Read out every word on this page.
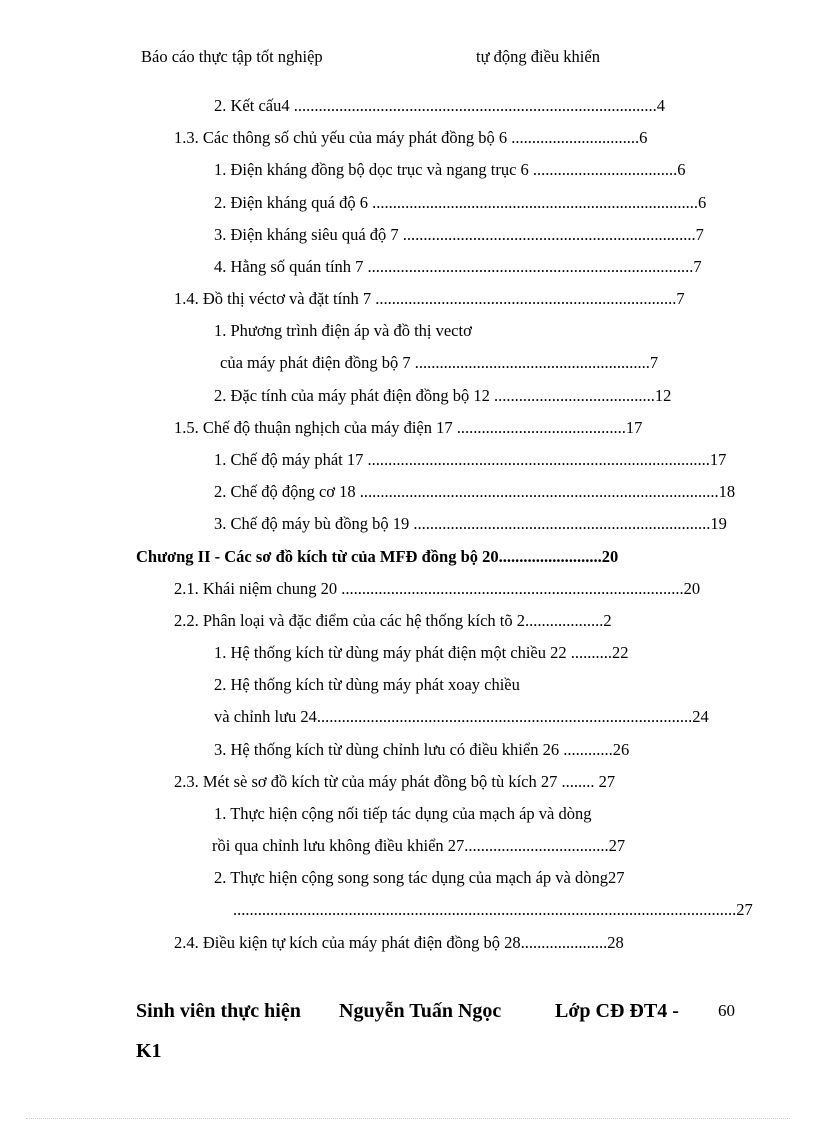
Báo cáo thực tập tốt nghiệp	tự động điều khiển
2. Kết cấu4 ........................................................................................4
1.3. Các thông số chủ yếu của máy phát đồng bộ 6 ...............................6
1. Điện kháng đồng bộ dọc trục và ngang trục 6 ...................................6
2. Điện kháng quá độ 6 ...............................................................................6
3. Điện kháng siêu quá độ 7 .......................................................................7
4. Hằng số quán tính 7 ...............................................................................7
1.4. Đồ thị véctơ và đặt tính 7 .........................................................................7
1. Phương trình điện áp và đồ thị vectơ
của máy phát điện đồng bộ 7 .........................................................7
2. Đặc tính của máy phát điện đồng bộ 12 .......................................12
1.5. Chế độ thuận nghịch của máy điện 17 .........................................17
1. Chế độ máy phát 17 ...................................................................................17
2. Chế độ động cơ 18 .......................................................................................18
3. Chế độ máy bù đồng bộ 19 ........................................................................19
Chương II - Các sơ đồ kích từ của MFĐ đồng bộ 20.........................20
2.1. Khái niệm chung 20 ...................................................................................20
2.2. Phân loại và đặc điểm của các hệ thống kích tõ 2...................2
1. Hệ thống kích từ dùng máy phát điện một chiều 22 ..........22
2. Hệ thống kích từ dùng máy phát xoay chiều
và chỉnh lưu 24...........................................................................................24
3. Hệ thống kích từ dùng chỉnh lưu có điều khiển 26 ............26
2.3. Mét sè sơ đồ kích từ của máy phát đồng bộ tù kích 27 ........ 27
1. Thực hiện cộng nối tiếp tác dụng của mạch áp và dòng
rồi qua chỉnh lưu không điều khiển 27...................................27
2. Thực hiện cộng song song tác dụng của mạch áp và dòng27
..........................................................................................................................27
2.4. Điều kiện tự kích của máy phát điện đồng bộ 28.....................28
Sinh viên thực hiện Nguyễn Tuấn Ngọc	Lớp CĐ ĐT4 - 60
K1
